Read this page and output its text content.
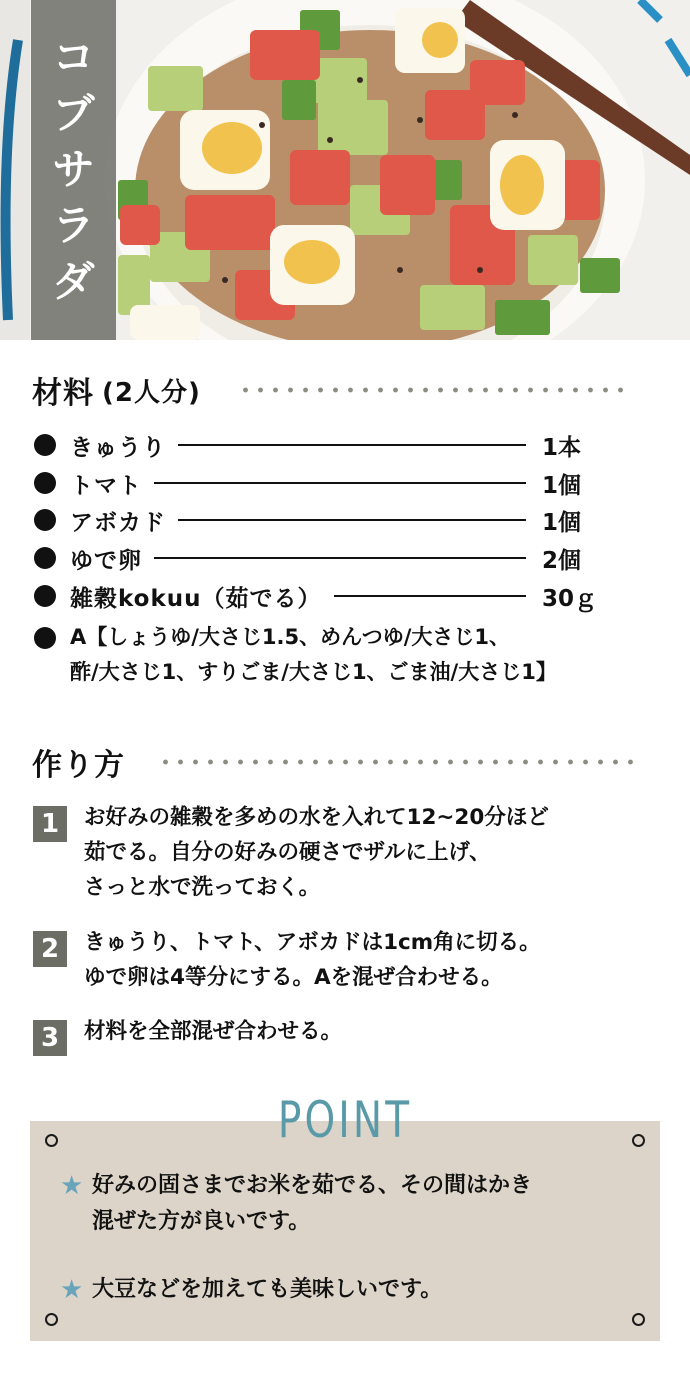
コ
ブ
サ
ラ
ダ
材料 (2人分)
きゅうり	1本
トマト	1個
アボカド	1個
ゆで卵	2個
雑穀kokuu（茹でる）	30ｇ
A【しょうゆ/大さじ1.5、めんつゆ/大さじ1、
酢/大さじ1、すりごま/大さじ1、ごま油/大さじ1】
作り方
1	お好みの雑穀を多めの水を入れて12~20分ほど
茹でる。自分の好みの硬さでザルに上げ、
さっと水で洗っておく。
2	きゅうり、トマト、アボカドは1cm角に切る。
ゆで卵は4等分にする。Aを混ぜ合わせる。
3	材料を全部混ぜ合わせる。
POINT
★ 好みの固さまでお米を茹でる、その間はかき
混ぜた方が良いです。
★ 大豆などを加えても美味しいです。
